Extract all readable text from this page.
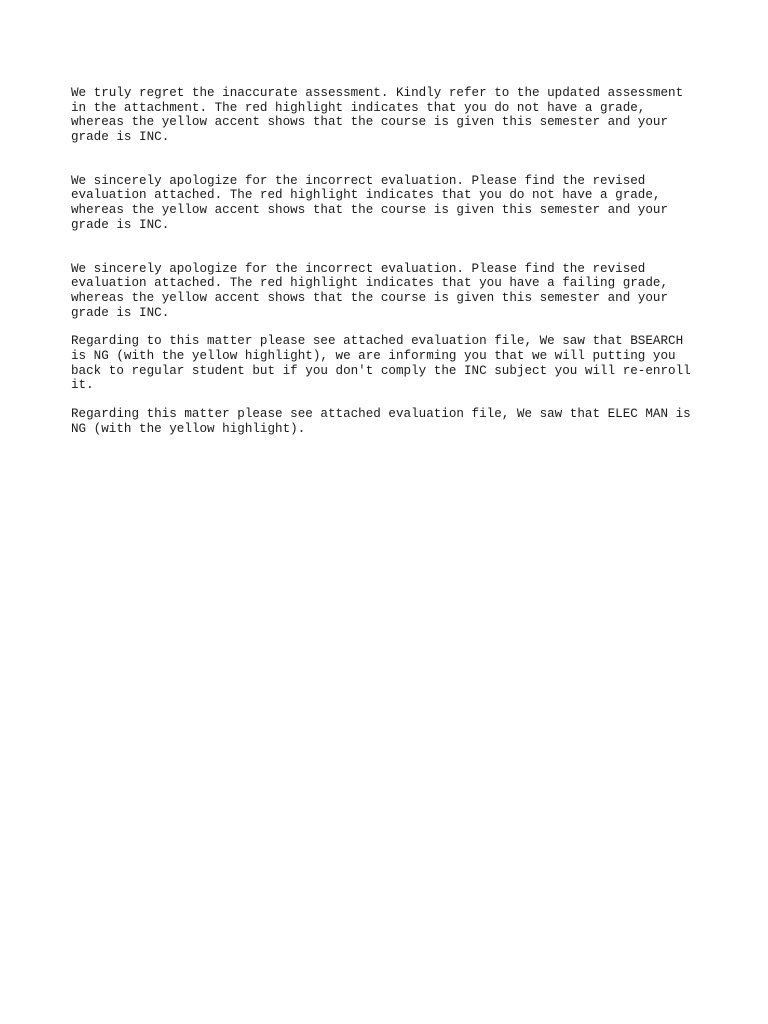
We truly regret the inaccurate assessment. Kindly refer to the updated assessment
in the attachment. The red highlight indicates that you do not have a grade,
whereas the yellow accent shows that the course is given this semester and your
grade is INC.
We sincerely apologize for the incorrect evaluation. Please find the revised
evaluation attached. The red highlight indicates that you do not have a grade,
whereas the yellow accent shows that the course is given this semester and your
grade is INC.
We sincerely apologize for the incorrect evaluation. Please find the revised
evaluation attached. The red highlight indicates that you have a failing grade,
whereas the yellow accent shows that the course is given this semester and your
grade is INC.
Regarding to this matter please see attached evaluation file, We saw that BSEARCH
is NG (with the yellow highlight), we are informing you that we will putting you
back to regular student but if you don't comply the INC subject you will re-enroll
it.
Regarding this matter please see attached evaluation file, We saw that ELEC MAN is
NG (with the yellow highlight).
